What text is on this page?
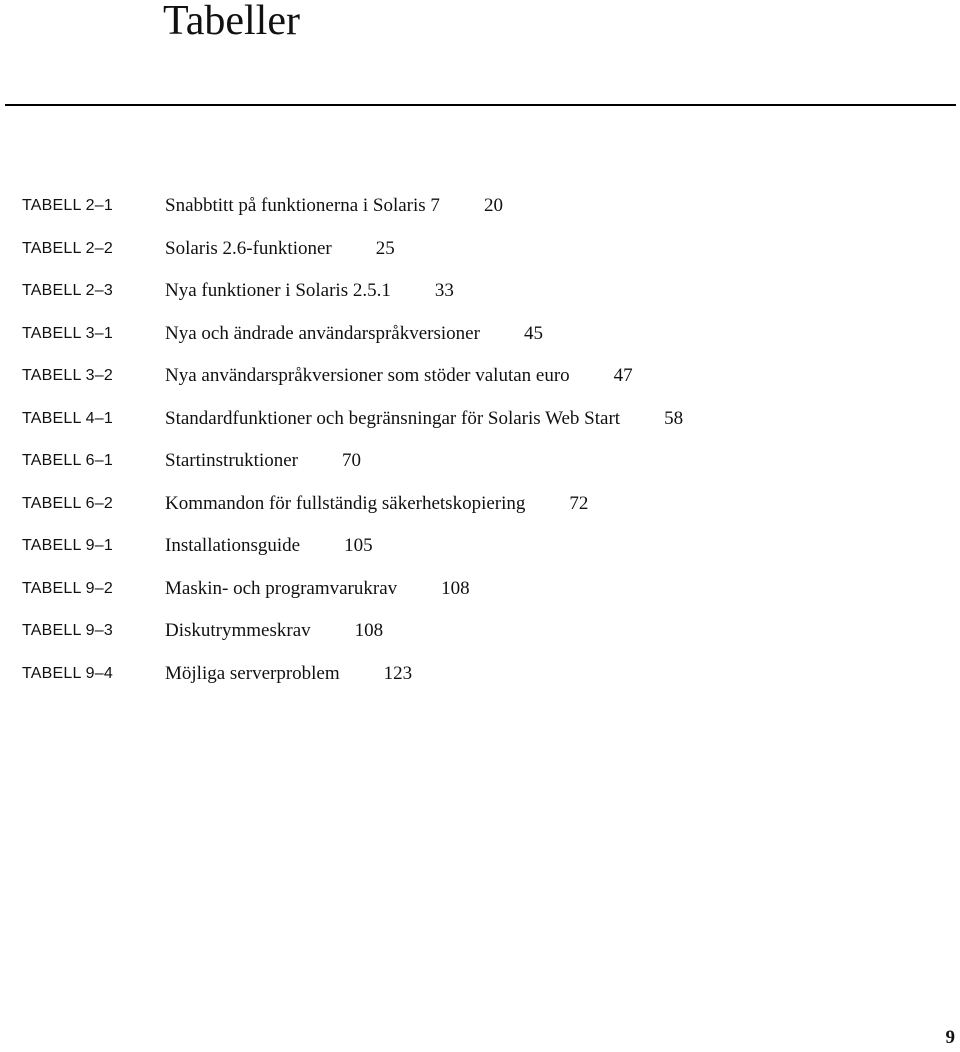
Tabeller
TABELL 2–1	Snabbtitt på funktionerna i Solaris 7 20
TABELL 2–2	Solaris 2.6-funktioner 25
TABELL 2–3	Nya funktioner i Solaris 2.5.1 33
TABELL 3–1	Nya och ändrade användarspråkversioner 45
TABELL 3–2	Nya användarspråkversioner som stöder valutan euro 47
TABELL 4–1	Standardfunktioner och begränsningar för Solaris Web Start 58
TABELL 6–1	Startinstruktioner 70
TABELL 6–2	Kommandon för fullständig säkerhetskopiering 72
TABELL 9–1	Installationsguide 105
TABELL 9–2	Maskin- och programvarukrav 108
TABELL 9–3	Diskutrymmeskrav 108
TABELL 9–4	Möjliga serverproblem 123
9
